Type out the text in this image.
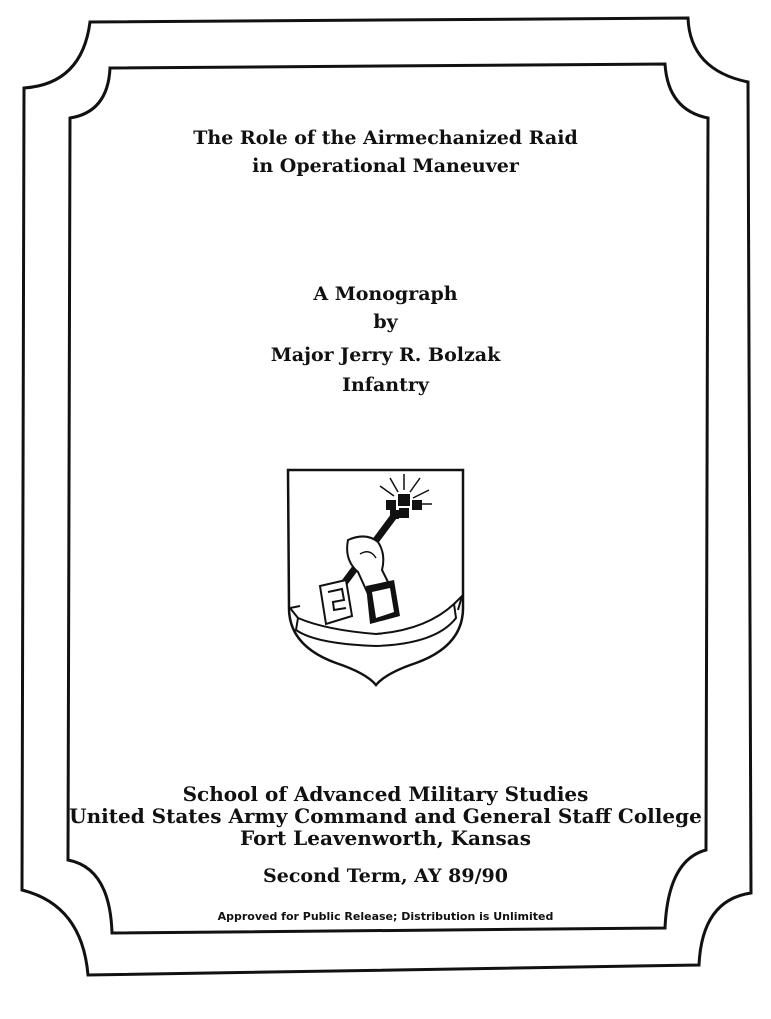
The Role of the Airmechanized Raid
in Operational Maneuver
A Monograph
by
Major Jerry R. Bolzak
Infantry
School of Advanced Military Studies
United States Army Command and General Staff College
Fort Leavenworth, Kansas
Second Term, AY 89/90
Approved for Public Release; Distribution is Unlimited
